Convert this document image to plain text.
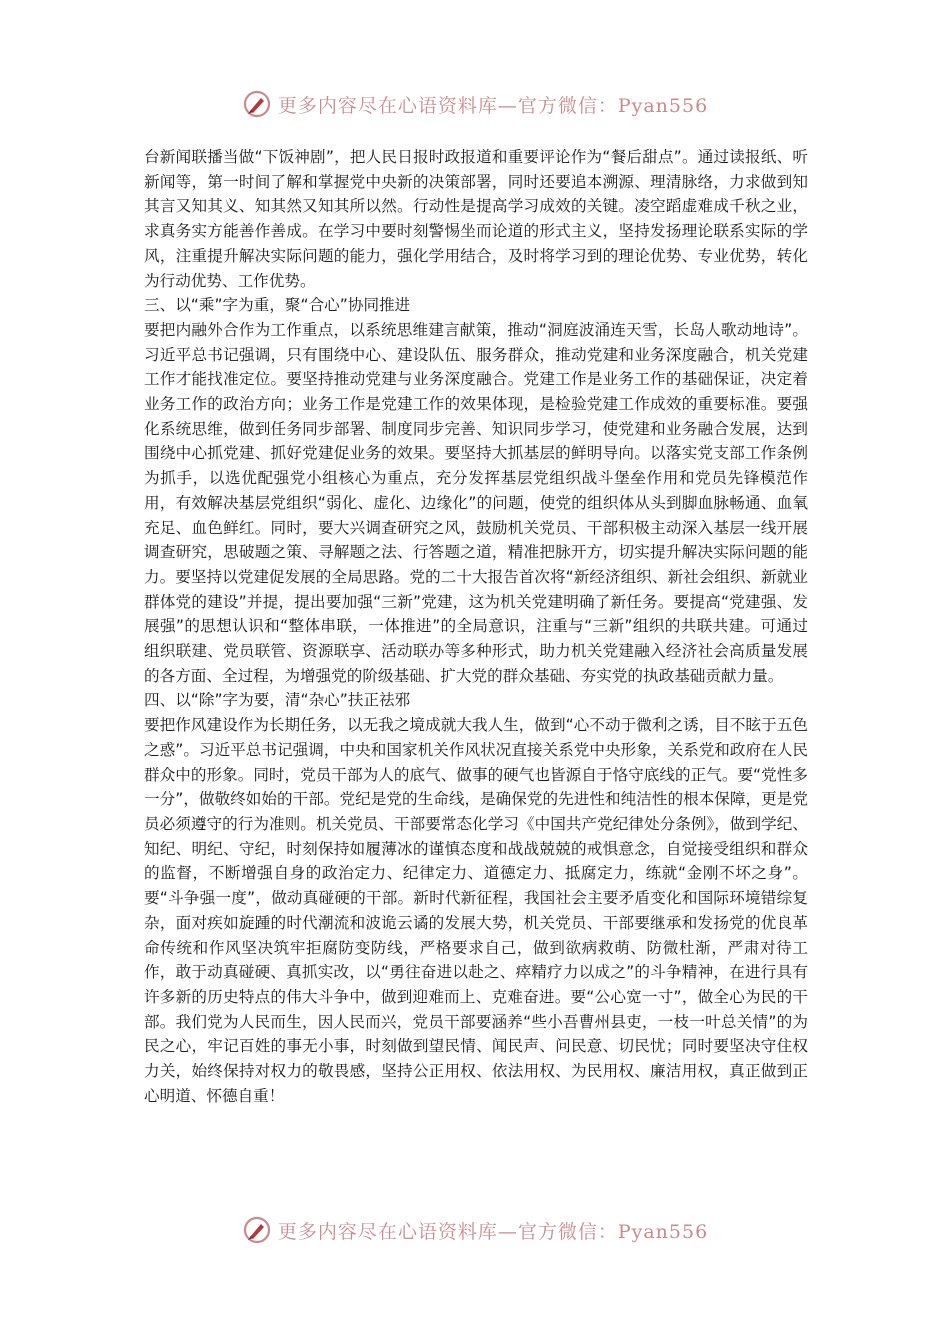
更多内容尽在心语资料库—官方微信：Pyan556

台新闻联播当做“下饭神剧”，把人民日报时政报道和重要评论作为“餐后甜点”。通过读报纸、听新闻等，第一时间了解和掌握党中央新的决策部署，同时还要追本溯源、理清脉络，力求做到知其言又知其义、知其然又知其所以然。行动性是提高学习成效的关键。凌空蹈虚难成千秋之业，求真务实方能善作善成。在学习中要时刻警惕坐而论道的形式主义，坚持发扬理论联系实际的学风，注重提升解决实际问题的能力，强化学用结合，及时将学习到的理论优势、专业优势，转化为行动优势、工作优势。

三、以“乘”字为重，聚“合心”协同推进

要把内融外合作为工作重点，以系统思维建言献策，推动“洞庭波涌连天雪，长岛人歌动地诗”。习近平总书记强调，只有围绕中心、建设队伍、服务群众，推动党建和业务深度融合，机关党建工作才能找准定位。要坚持推动党建与业务深度融合。党建工作是业务工作的基础保证，决定着业务工作的政治方向；业务工作是党建工作的效果体现，是检验党建工作成效的重要标准。要强化系统思维，做到任务同步部署、制度同步完善、知识同步学习，使党建和业务融合发展，达到围绕中心抓党建、抓好党建促业务的效果。要坚持大抓基层的鲜明导向。以落实党支部工作条例为抓手，以选优配强党小组核心为重点，充分发挥基层党组织战斗堡垒作用和党员先锋模范作用，有效解决基层党组织“弱化、虚化、边缘化”的问题，使党的组织体从头到脚血脉畅通、血氧充足、血色鲜红。同时，要大兴调查研究之风，鼓励机关党员、干部积极主动深入基层一线开展调查研究，思破题之策、寻解题之法、行答题之道，精准把脉开方，切实提升解决实际问题的能力。要坚持以党建促发展的全局思路。党的二十大报告首次将“新经济组织、新社会组织、新就业群体党的建设”并提，提出要加强“三新”党建，这为机关党建明确了新任务。要提高“党建强、发展强”的思想认识和“整体串联，一体推进”的全局意识，注重与“三新”组织的共联共建。可通过组织联建、党员联管、资源联享、活动联办等多种形式，助力机关党建融入经济社会高质量发展的各方面、全过程，为增强党的阶级基础、扩大党的群众基础、夯实党的执政基础贡献力量。

四、以“除”字为要，清“杂心”扶正祛邪

要把作风建设作为长期任务，以无我之境成就大我人生，做到“心不动于微利之诱，目不眩于五色之惑”。习近平总书记强调，中央和国家机关作风状况直接关系党中央形象，关系党和政府在人民群众中的形象。同时，党员干部为人的底气、做事的硬气也皆源自于恪守底线的正气。要“党性多一分”，做敬终如始的干部。党纪是党的生命线，是确保党的先进性和纯洁性的根本保障，更是党员必须遵守的行为准则。机关党员、干部要常态化学习《中国共产党纪律处分条例》，做到学纪、知纪、明纪、守纪，时刻保持如履薄冰的谨慎态度和战战兢兢的戒惧意念，自觉接受组织和群众的监督，不断增强自身的政治定力、纪律定力、道德定力、抵腐定力，练就“金刚不坏之身”。要“斗争强一度”，做动真碰硬的干部。新时代新征程，我国社会主要矛盾变化和国际环境错综复杂，面对疾如旋踵的时代潮流和波诡云谲的发展大势，机关党员、干部要继承和发扬党的优良革命传统和作风坚决筑牢拒腐防变防线，严格要求自己，做到欲病救萌、防微杜渐，严肃对待工作，敢于动真碰硬、真抓实改，以“勇往奋进以赴之、瘁精疗力以成之”的斗争精神，在进行具有许多新的历史特点的伟大斗争中，做到迎难而上、克难奋进。要“公心宽一寸”，做全心为民的干部。我们党为人民而生，因人民而兴，党员干部要涵养“些小吾曹州县吏，一枝一叶总关情”的为民之心，牢记百姓的事无小事，时刻做到望民情、闻民声、问民意、切民忧；同时要坚决守住权力关，始终保持对权力的敬畏感，坚持公正用权、依法用权、为民用权、廉洁用权，真正做到正心明道、怀德自重！

更多内容尽在心语资料库—官方微信：Pyan556
